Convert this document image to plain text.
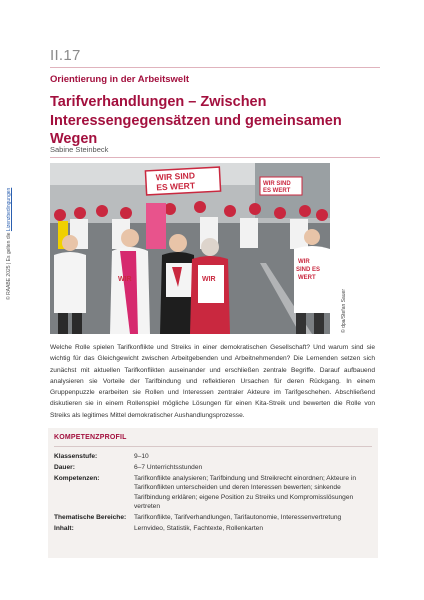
II.17
Orientierung in der Arbeitswelt
Tarifverhandlungen – Zwischen Interessengegensätzen und gemeinsamen Wegen
Sabine Steinbeck
© RAABE 2025 | Es gelten die Lizenzbedingungen
WIR SIND
ES WERT	WIR SIND
ES WERT
WIR	WIR
WIR
SIND ES
WERT
© dpa/Stefan Sauer

Welche Rolle spielen Tarifkonflikte und Streiks in einer demokratischen Gesellschaft? Und warum sind sie wichtig für das Gleichgewicht zwischen Arbeitgebenden und Arbeitnehmenden? Die Lernenden setzen sich zunächst mit aktuellen Tarifkonflikten auseinander und erschließen zentrale Begriffe. Darauf aufbauend analysieren sie Vorteile der Tarifbindung und reflektieren Ursachen für deren Rückgang. In einem Gruppenpuzzle erarbeiten sie Rollen und Interessen zentraler Akteure im Tarifgeschehen. Abschließend diskutieren sie in einem Rollenspiel mögliche Lösungen für einen Kita-Streik und bewerten die Rolle von Streiks als legitimes Mittel demokratischer Aushandlungsprozesse.

KOMPETENZPROFIL
Klassenstufe:	9–10
Dauer:	6–7 Unterrichtsstunden
Kompetenzen:	Tarifkonflikte analysieren; Tarifbindung und Streikrecht einordnen; Akteure in Tarifkonflikten unterscheiden und deren Interessen bewerten; sinkende Tarifbindung erklären; eigene Position zu Streiks und Kompromisslösungen vertreten
Thematische Bereiche:	Tarifkonflikte, Tarifverhandlungen, Tarifautonomie, Interessenvertretung
Inhalt:	Lernvideo, Statistik, Fachtexte, Rollenkarten
